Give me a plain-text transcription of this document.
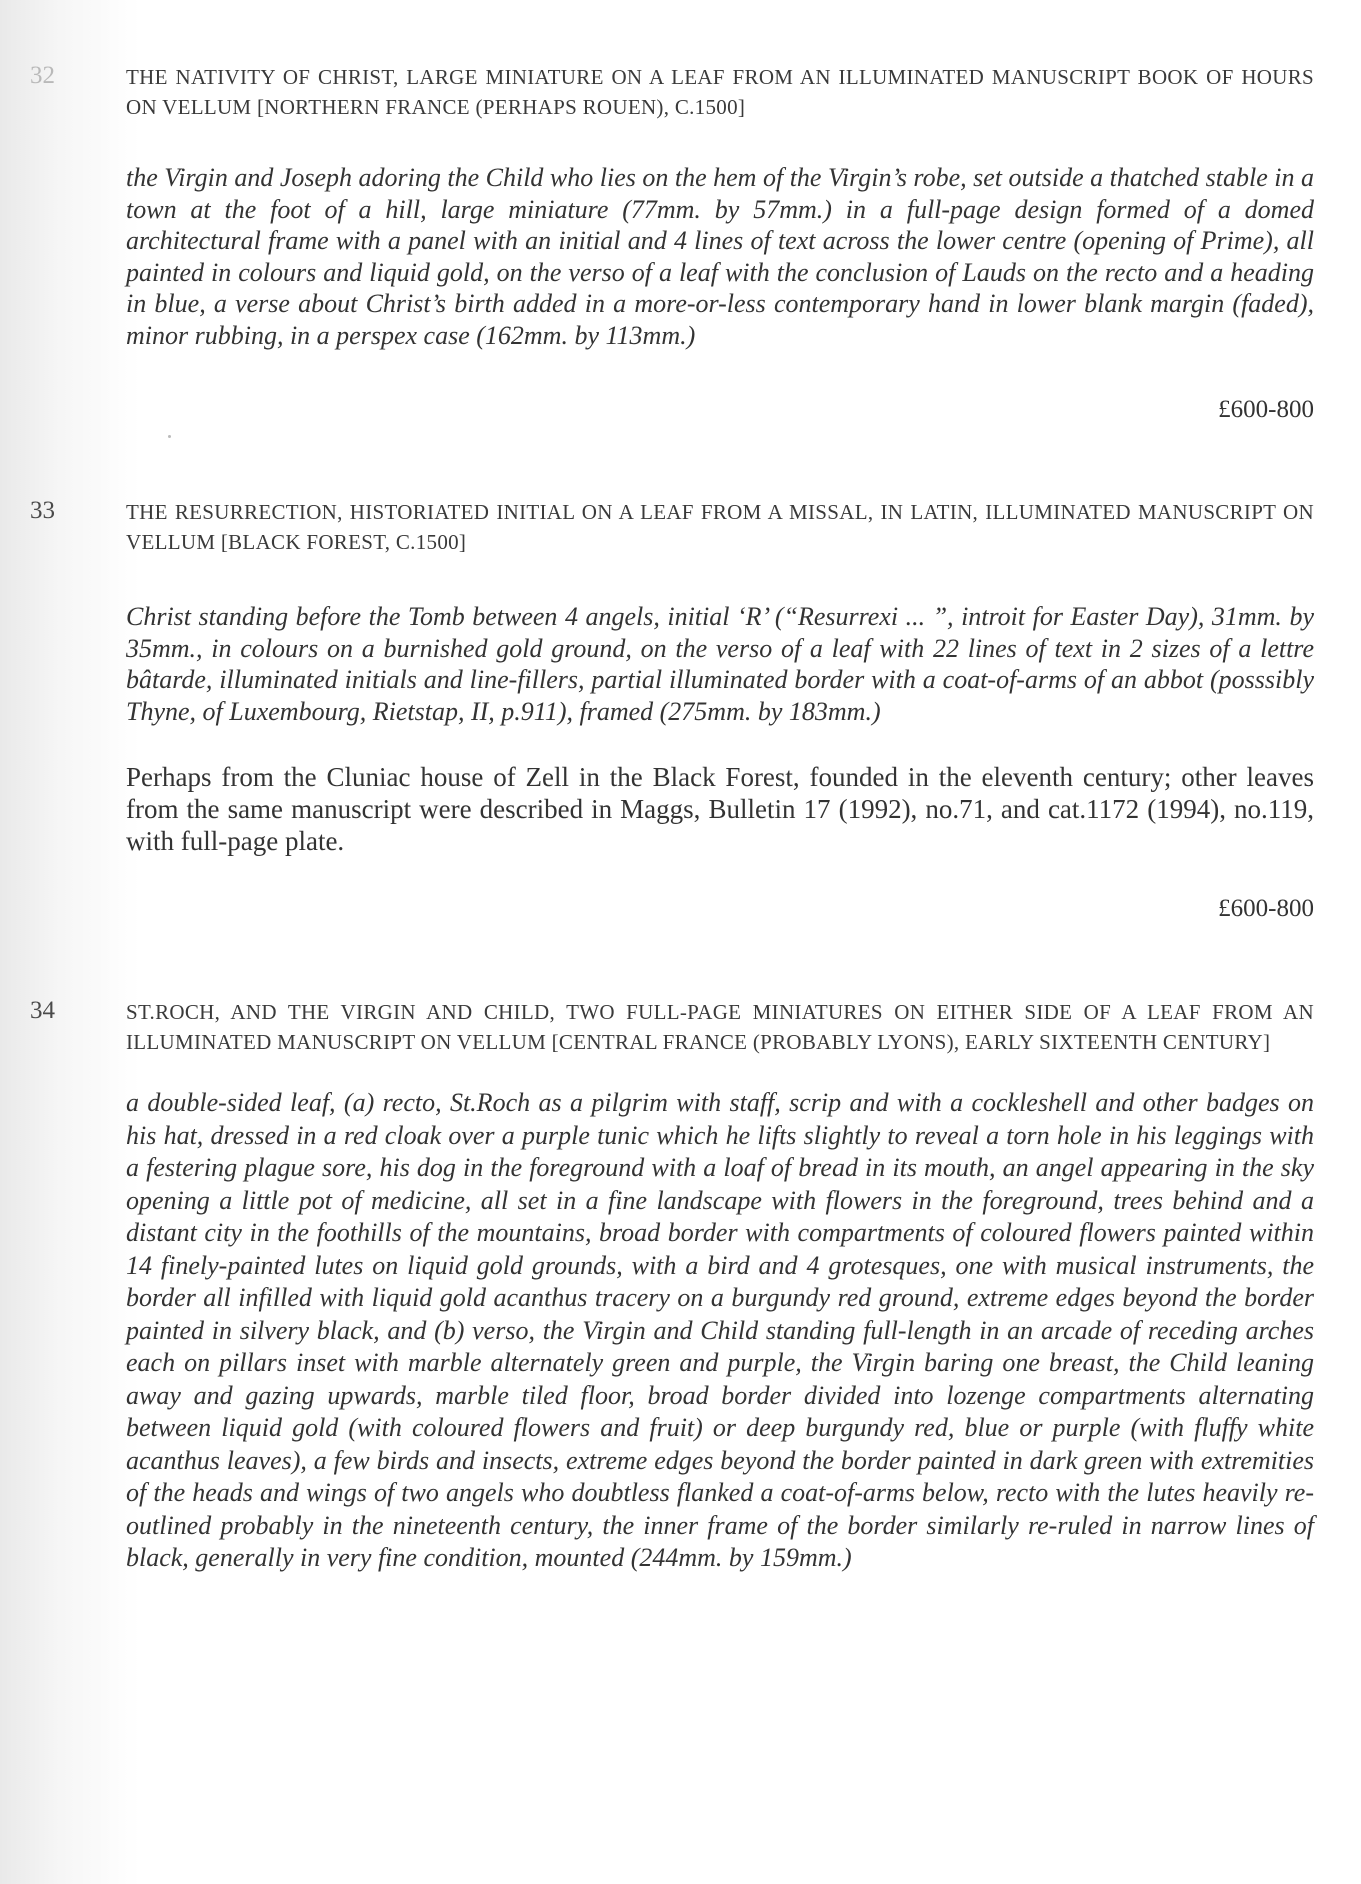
32	THE NATIVITY OF CHRIST, LARGE MINIATURE ON A LEAF FROM AN ILLUMINATED MANUSCRIPT BOOK OF HOURS ON VELLUM [NORTHERN FRANCE (PERHAPS ROUEN), C.1500]
the Virgin and Joseph adoring the Child who lies on the hem of the Virgin’s robe, set outside a thatched stable in a town at the foot of a hill, large miniature (77mm. by 57mm.) in a full-page design formed of a domed architectural frame with a panel with an initial and 4 lines of text across the lower centre (opening of Prime), all painted in colours and liquid gold, on the verso of a leaf with the conclusion of Lauds on the recto and a heading in blue, a verse about Christ’s birth added in a more-or-less contemporary hand in lower blank margin (faded), minor rubbing, in a perspex case (162mm. by 113mm.)
£600-800
33	THE RESURRECTION, HISTORIATED INITIAL ON A LEAF FROM A MISSAL, IN LATIN, ILLUMINATED MANUSCRIPT ON VELLUM [BLACK FOREST, C.1500]
Christ standing before the Tomb between 4 angels, initial ‘R’ (“Resurrexi ... ”, introit for Easter Day), 31mm. by 35mm., in colours on a burnished gold ground, on the verso of a leaf with 22 lines of text in 2 sizes of a lettre bâtarde, illuminated initials and line-fillers, partial illuminated border with a coat-of-arms of an abbot (posssibly Thyne, of Luxembourg, Rietstap, II, p.911), framed (275mm. by 183mm.)
Perhaps from the Cluniac house of Zell in the Black Forest, founded in the eleventh century; other leaves from the same manuscript were described in Maggs, Bulletin 17 (1992), no.71, and cat.1172 (1994), no.119, with full-page plate.
£600-800
34	ST.ROCH, AND THE VIRGIN AND CHILD, TWO FULL-PAGE MINIATURES ON EITHER SIDE OF A LEAF FROM AN ILLUMINATED MANUSCRIPT ON VELLUM [CENTRAL FRANCE (PROBABLY LYONS), EARLY SIXTEENTH CENTURY]
a double-sided leaf, (a) recto, St.Roch as a pilgrim with staff, scrip and with a cockleshell and other badges on his hat, dressed in a red cloak over a purple tunic which he lifts slightly to reveal a torn hole in his leggings with a festering plague sore, his dog in the foreground with a loaf of bread in its mouth, an angel appearing in the sky opening a little pot of medicine, all set in a fine landscape with flowers in the foreground, trees behind and a distant city in the foothills of the mountains, broad border with compartments of coloured flowers painted within 14 finely-painted lutes on liquid gold grounds, with a bird and 4 grotesques, one with musical instruments, the border all infilled with liquid gold acanthus tracery on a burgundy red ground, extreme edges beyond the border painted in silvery black, and (b) verso, the Virgin and Child standing full-length in an arcade of receding arches each on pillars inset with marble alternately green and purple, the Virgin baring one breast, the Child leaning away and gazing upwards, marble tiled floor, broad border divided into lozenge compartments alternating between liquid gold (with coloured flowers and fruit) or deep burgundy red, blue or purple (with fluffy white acanthus leaves), a few birds and insects, extreme edges beyond the border painted in dark green with extremities of the heads and wings of two angels who doubtless flanked a coat-of-arms below, recto with the lutes heavily re-outlined probably in the nineteenth century, the inner frame of the border similarly re-ruled in narrow lines of black, generally in very fine condition, mounted (244mm. by 159mm.)
